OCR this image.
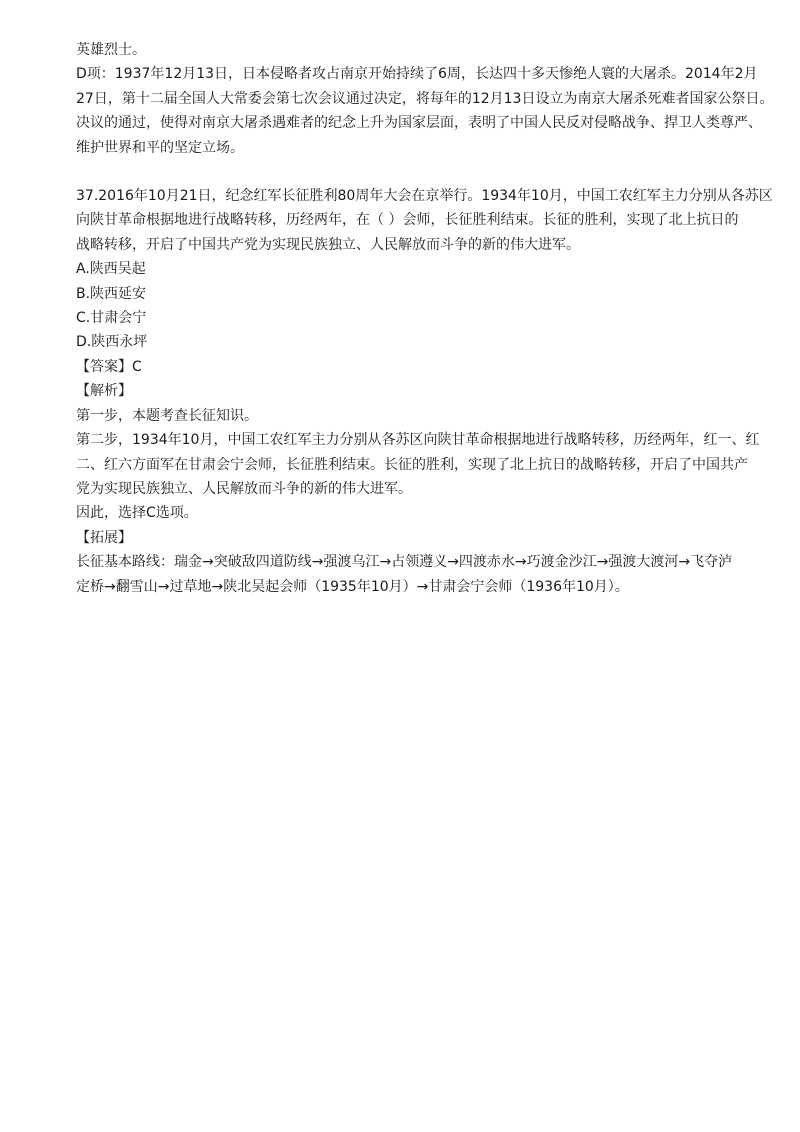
英雄烈士。
D项：1937年12月13日，日本侵略者攻占南京开始持续了6周，长达四十多天惨绝人寰的大屠杀。2014年2月
27日，第十二届全国人大常委会第七次会议通过决定，将每年的12月13日设立为南京大屠杀死难者国家公祭日。
决议的通过，使得对南京大屠杀遇难者的纪念上升为国家层面，表明了中国人民反对侵略战争、捍卫人类尊严、
维护世界和平的坚定立场。
37.2016年10月21日，纪念红军长征胜利80周年大会在京举行。1934年10月，中国工农红军主力分别从各苏区
向陕甘革命根据地进行战略转移，历经两年，在（ ）会师，长征胜利结束。长征的胜利，实现了北上抗日的
战略转移，开启了中国共产党为实现民族独立、人民解放而斗争的新的伟大进军。
A.陕西吴起
B.陕西延安
C.甘肃会宁
D.陕西永坪
【答案】C
【解析】
第一步，本题考查长征知识。
第二步，1934年10月，中国工农红军主力分别从各苏区向陕甘革命根据地进行战略转移，历经两年，红一、红
二、红六方面军在甘肃会宁会师，长征胜利结束。长征的胜利，实现了北上抗日的战略转移，开启了中国共产
党为实现民族独立、人民解放而斗争的新的伟大进军。
因此，选择C选项。
【拓展】
长征基本路线：瑞金→突破敌四道防线→强渡乌江→占领遵义→四渡赤水→巧渡金沙江→强渡大渡河→飞夺泸
定桥→翻雪山→过草地→陕北吴起会师（1935年10月）→甘肃会宁会师（1936年10月）。
